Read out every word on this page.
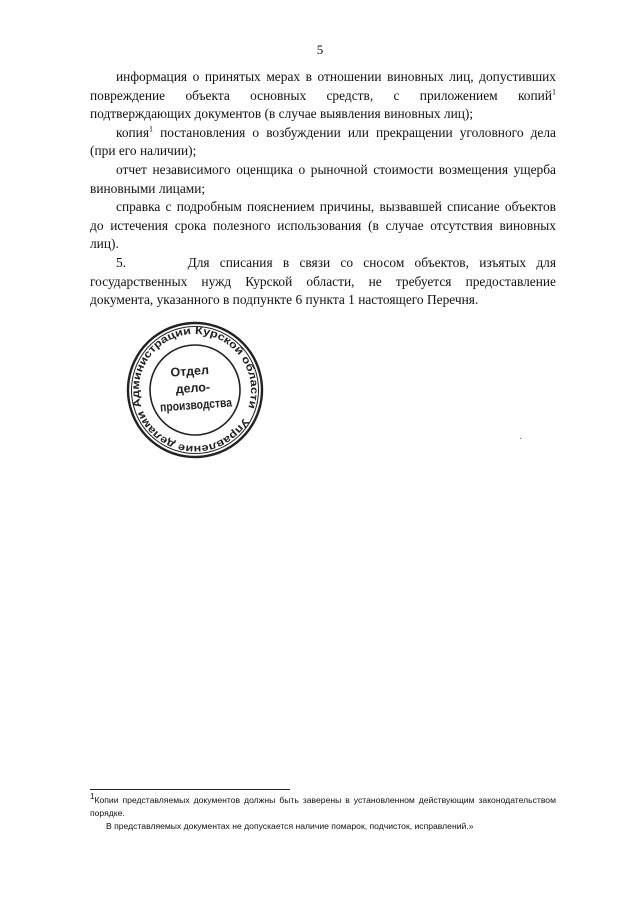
5

информация о принятых мерах в отношении виновных лиц, допустивших повреждение объекта основных средств, с приложением копий$^1$ подтверждающих документов (в случае выявления виновных лиц);

копия$^1$ постановления о возбуждении или прекращении уголовного дела (при его наличии);

отчет независимого оценщика о рыночной стоимости возмещения ущерба виновными лицами;

справка с подробным пояснением причины, вызвавшей списание объектов до истечения срока полезного использования (в случае отсутствия виновных лиц).

5.      Для списания в связи со сносом объектов, изъятых для государственных нужд Курской области, не требуется предоставление документа, указанного в подпункте 6 пункта 1 настоящего Перечня.

Управление делами Администрации Курской области
Отдел
дело-
производства
·

1Копии представляемых документов должны быть заверены в установленном действующим законодательством порядке.

В представляемых документах не допускается наличие помарок, подчисток, исправлений.»
